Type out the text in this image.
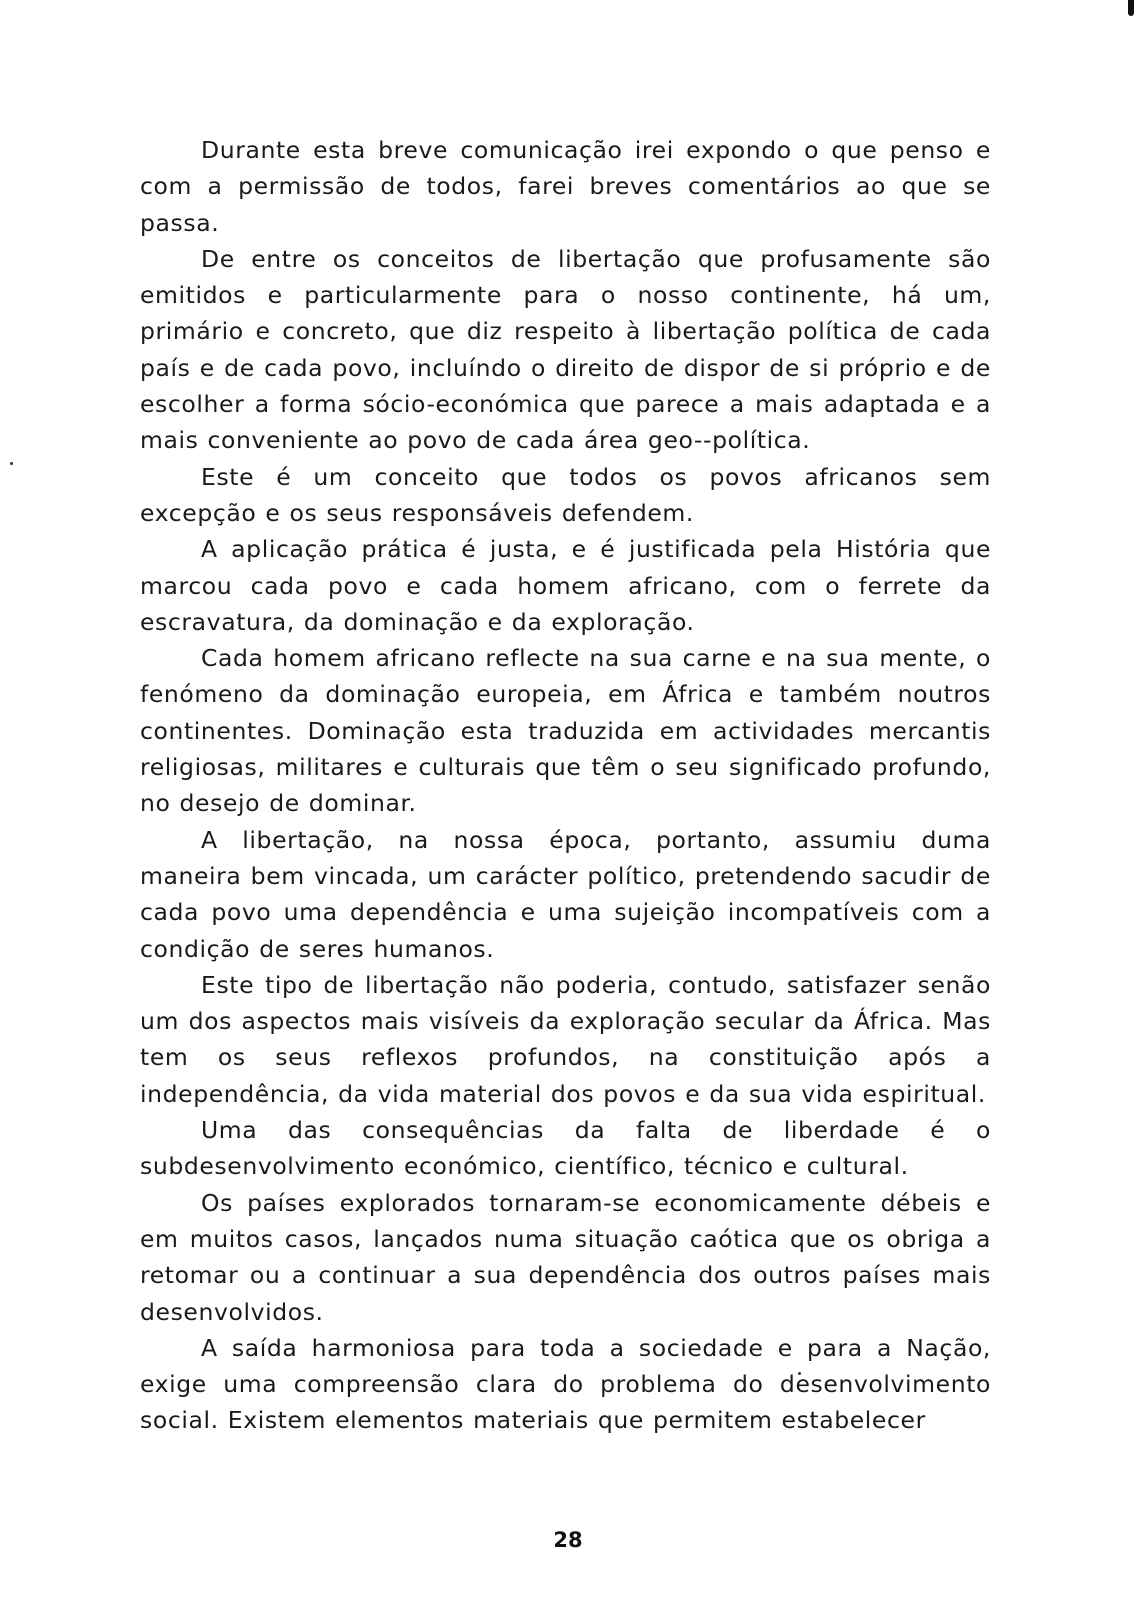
Durante esta breve comunicação irei expondo o que penso e com a permissão de todos, farei breves comentários ao que se passa.

De entre os conceitos de libertação que profusamente são emitidos e particularmente para o nosso continente, há um, primário e concreto, que diz respeito à libertação política de cada país e de cada povo, incluíndo o direito de dispor de si próprio e de escolher a forma sócio-económica que parece a mais adaptada e a mais conveniente ao povo de cada área geo-‑política.

Este é um conceito que todos os povos africanos sem excepção e os seus responsáveis defendem.

A aplicação prática é justa, e é justificada pela História que marcou cada povo e cada homem africano, com o ferrete da escravatura, da dominação e da exploração.

Cada homem africano reflecte na sua carne e na sua mente, o fenómeno da dominação europeia, em África e também noutros continentes. Dominação esta traduzida em actividades mercantis religiosas, militares e culturais que têm o seu significado profundo, no desejo de dominar.

A libertação, na nossa época, portanto, assumiu duma maneira bem vincada, um carácter político, pretendendo sacudir de cada povo uma dependência e uma sujeição incompatíveis com a condição de seres humanos.

Este tipo de libertação não poderia, contudo, satisfazer senão um dos aspectos mais visíveis da exploração secular da África. Mas tem os seus reflexos profundos, na constituição após a independência, da vida material dos povos e da sua vida espiritual.

Uma das consequências da falta de liberdade é o subdesenvolvimento económico, científico, técnico e cultural.

Os países explorados tornaram-se economicamente débeis e em muitos casos, lançados numa situação caótica que os obriga a retomar ou a continuar a sua dependência dos outros países mais desenvolvidos.

A saída harmoniosa para toda a sociedade e para a Nação, exige uma compreensão clara do problema do desenvolvimento social. Existem elementos materiais que permitem estabelecer

28
